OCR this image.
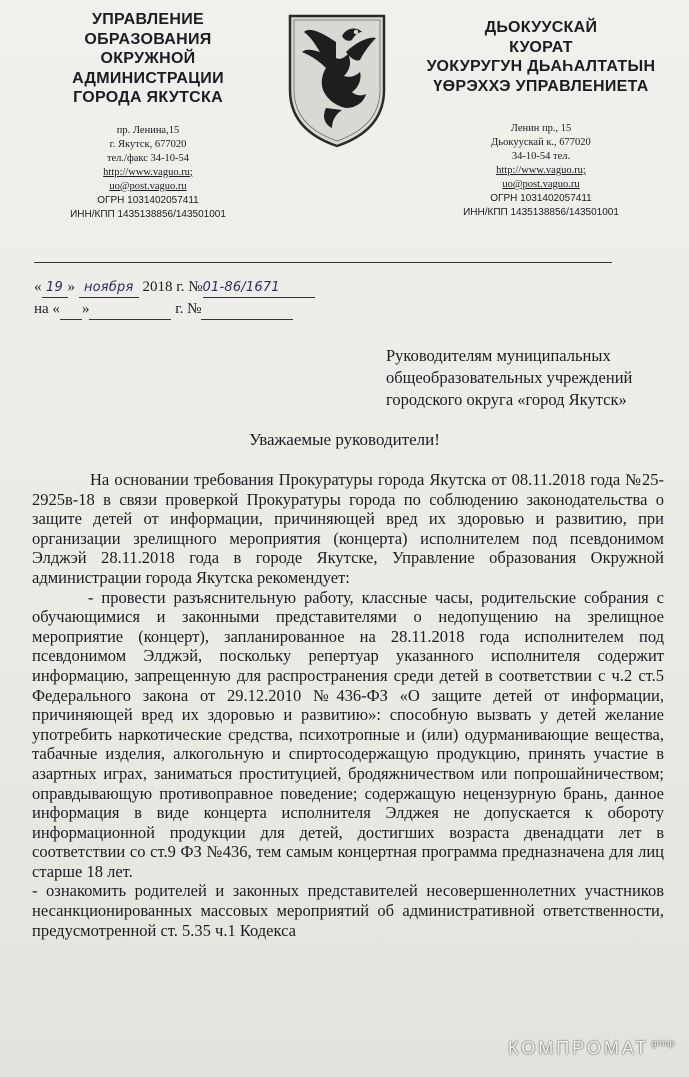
УПРАВЛЕНИЕ

ОБРАЗОВАНИЯ

ОКРУЖНОЙ

АДМИНИСТРАЦИИ

ГОРОДА ЯКУТСКА

пр. Ленина,15
г. Якутск, 677020
тел./факс 34-10-54
http://www.vaguo.ru;
uo@post.vaguo.ru
ОГРН 1031402057411
ИНН/КПП 1435138856/143501001

ДЬОКУУСКАЙ

КУОРАТ

УОКУРУГУН ДЬАҺАЛТАТЫН

ҮӨРЭХХЭ УПРАВЛЕНИЕТА

Ленин пр., 15
Дьокуускай к., 677020
34-10-54 тел.
http://www.vaguo.ru;
uo@post.vaguo.ru
ОГРН 1031402057411
ИНН/КПП 1435138856/143501001
« 19 » ноября 2018 г. №01-86/1671
на « »	г. №
Руководителям муниципальных
общеобразовательных учреждений
городского округа «город Якутск»
Уважаемые руководители!

На основании требования Прокуратуры города Якутска от 08.11.2018 года №25-2925в-18 в связи проверкой Прокуратуры города по соблюдению законодательства о защите детей от информации, причиняющей вред их здоровью и развитию, при организации зрелищного мероприятия (концерта) исполнителем под псевдонимом Элджэй 28.11.2018 года в городе Якутске, Управление образования Окружной администрации города Якутска рекомендует:

- провести разъяснительную работу, классные часы, родительские собрания с обучающимися и законными представителями о недопущению на зрелищное мероприятие (концерт), запланированное на 28.11.2018 года исполнителем под псевдонимом Элджэй, поскольку репертуар указанного исполнителя содержит информацию, запрещенную для распространения среди детей в соответствии с ч.2 ст.5 Федерального закона от 29.12.2010 №436-ФЗ «О защите детей от информации, причиняющей вред их здоровью и развитию»: способную вызвать у детей желание употребить наркотические средства, психотропные и (или) одурманивающие вещества, табачные изделия, алкогольную и спиртосодержащую продукцию, принять участие в азартных играх, заниматься проституцией, бродяжничеством или попрошайничеством; оправдывающую противоправное поведение; содержащую нецензурную брань, данное информация в виде концерта исполнителя Элджея не допускается к обороту информационной продукции для детей, достигших возраста двенадцати лет в соответствии со ст.9 ФЗ №436, тем самым концертная программа предназначена для лиц старше 18 лет.

- ознакомить родителей и законных представителей несовершеннолетних участников несанкционированных массовых мероприятий об административной ответственности, предусмотренной ст. 5.35 ч.1 Кодекса

КОМПРОМАТ $^{group}$
